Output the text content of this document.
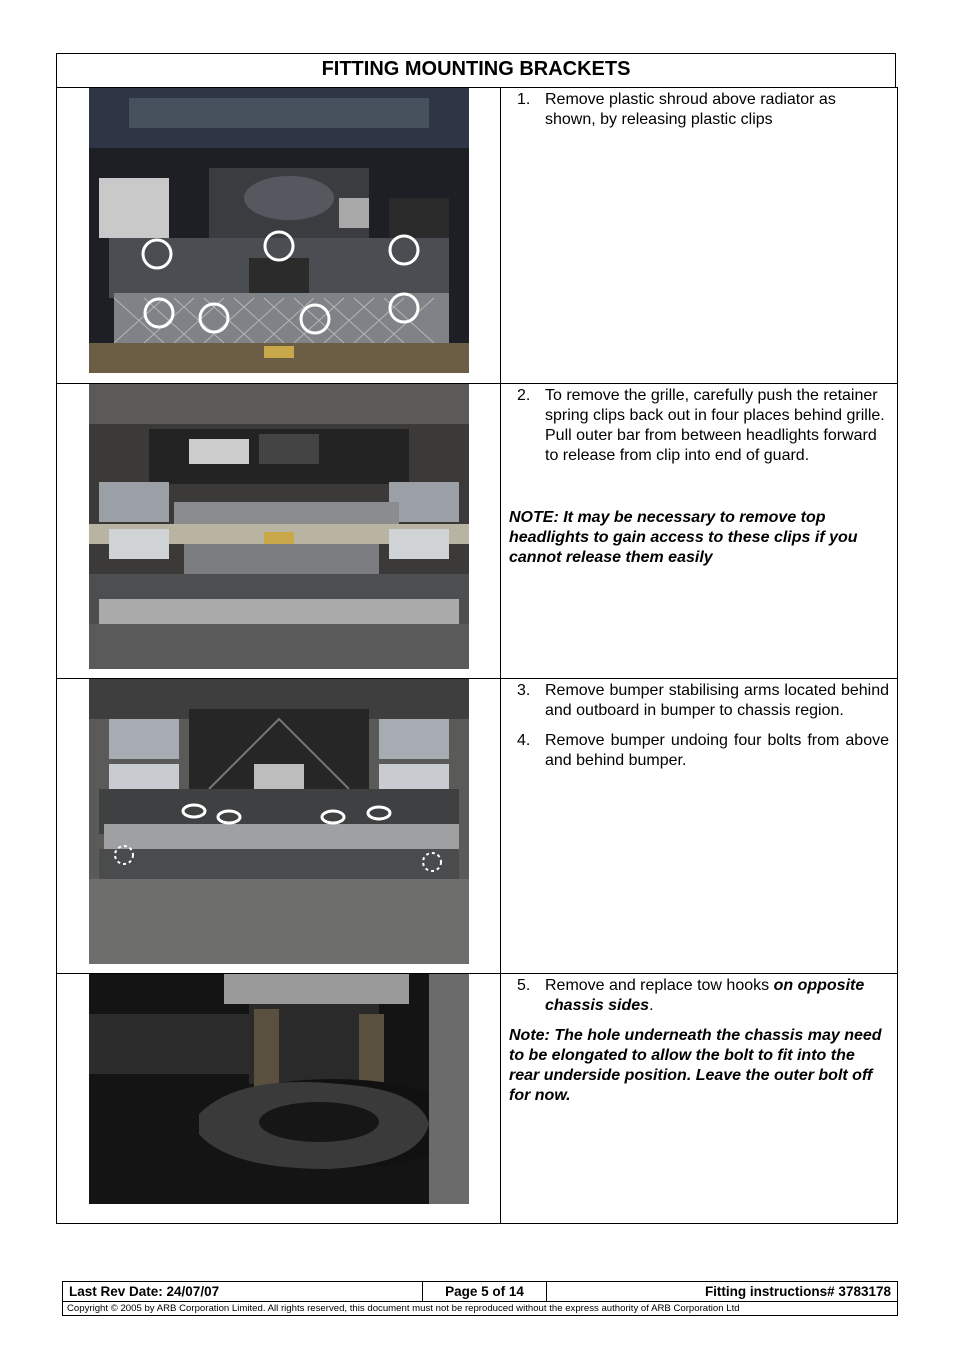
FITTING MOUNTING BRACKETS
1. Remove plastic shroud above radiator as shown, by releasing plastic clips
2. To remove the grille, carefully push the retainer spring clips back out in four places behind grille. Pull outer bar from between headlights forward to release from clip into end of guard.

NOTE: It may be necessary to remove top headlights to gain access to these clips if you cannot release them easily

3. Remove bumper stabilising arms located behind and outboard in bumper to chassis region.
4. Remove bumper undoing four bolts from above and behind bumper.
5. Remove and replace tow hooks on opposite chassis sides.

Note: The hole underneath the chassis may need to be elongated to allow the bolt to fit into the rear underside position. Leave the outer bolt off for now.

Last Rev Date: 24/07/07	Page 5 of 14	Fitting instructions# 3783178
Copyright © 2005 by ARB Corporation Limited. All rights reserved, this document must not be reproduced without the express authority of ARB Corporation Ltd
